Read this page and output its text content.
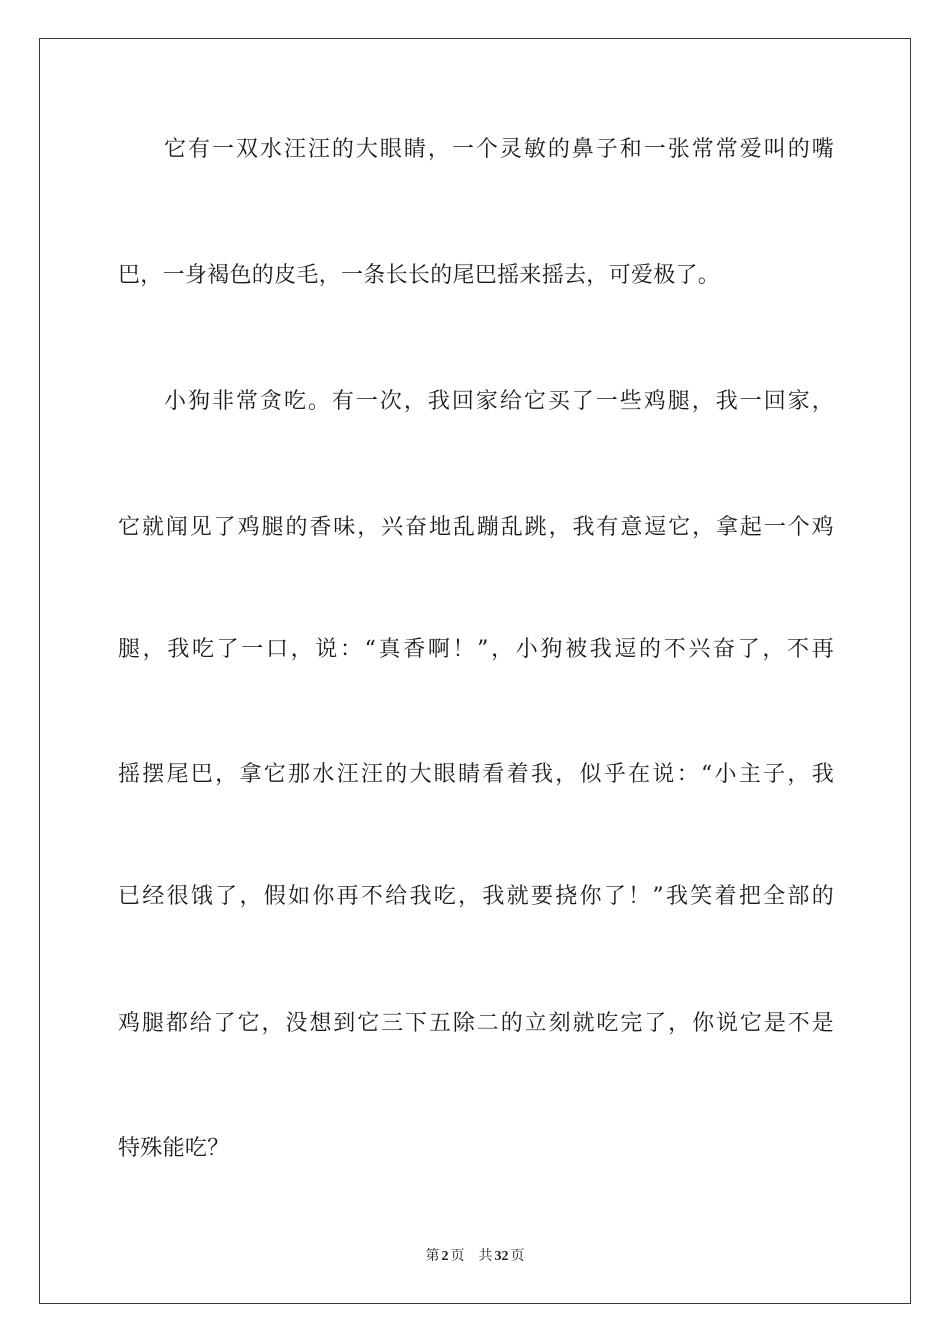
它有一双水汪汪的大眼睛，一个灵敏的鼻子和一张常常爱叫的嘴

巴，一身褐色的皮毛，一条长长的尾巴摇来摇去，可爱极了。

小狗非常贪吃。有一次，我回家给它买了一些鸡腿，我一回家，

它就闻见了鸡腿的香味，兴奋地乱蹦乱跳，我有意逗它，拿起一个鸡

腿，我吃了一口，说：“真香啊！”，小狗被我逗的不兴奋了，不再

摇摆尾巴，拿它那水汪汪的大眼睛看着我，似乎在说：“小主子，我

已经很饿了，假如你再不给我吃，我就要挠你了！”我笑着把全部的

鸡腿都给了它，没想到它三下五除二的立刻就吃完了，你说它是不是

特殊能吃？

第 2 页 共 32 页
